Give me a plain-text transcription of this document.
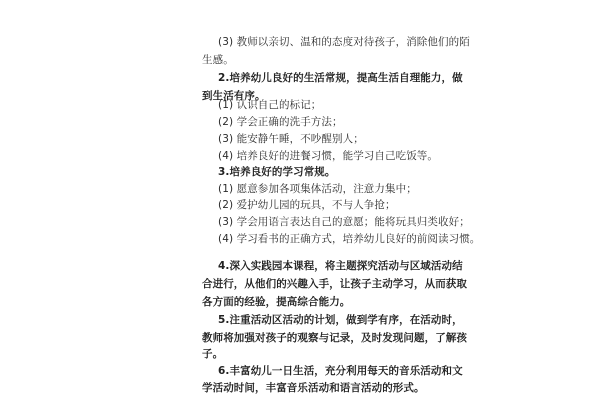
(3) 教师以亲切、温和的态度对待孩子，消除他们的陌
生感。
2.培养幼儿良好的生活常规，提高生活自理能力，做
到生活有序。
(1) 认识自己的标记；
(2) 学会正确的洗手方法；
(3) 能安静午睡，不吵醒别人；
(4) 培养良好的进餐习惯，能学习自己吃饭等。
3.培养良好的学习常规。
(1) 愿意参加各项集体活动，注意力集中；
(2) 爱护幼儿园的玩具，不与人争抢；
(3) 学会用语言表达自己的意愿；能将玩具归类收好；
(4) 学习看书的正确方式，培养幼儿良好的前阅读习惯。
4.深入实践园本课程，将主题探究活动与区域活动结
合进行，从他们的兴趣入手，让孩子主动学习，从而获取
各方面的经验，提高综合能力。
5.注重活动区活动的计划，做到学有序，在活动时，
教师将加强对孩子的观察与记录，及时发现问题，了解孩
子。
6.丰富幼儿一日生活，充分利用每天的音乐活动和文
学活动时间，丰富音乐活动和语言活动的形式。
